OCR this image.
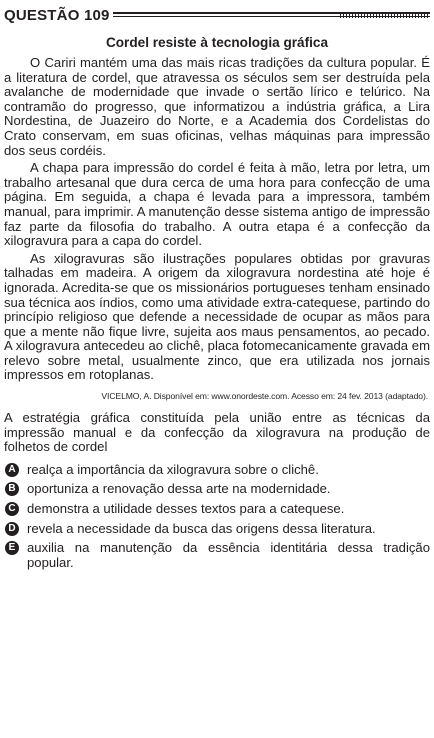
QUESTÃO 109
Cordel resiste à tecnologia gráfica

O Cariri mantém uma das mais ricas tradições da cultura popular. É a literatura de cordel, que atravessa os séculos sem ser destruída pela avalanche de modernidade que invade o sertão lírico e telúrico. Na contramão do progresso, que informatizou a indústria gráfica, a Lira Nordestina, de Juazeiro do Norte, e a Academia dos Cordelistas do Crato conservam, em suas oficinas, velhas máquinas para impressão dos seus cordéis.

A chapa para impressão do cordel é feita à mão, letra por letra, um trabalho artesanal que dura cerca de uma hora para confecção de uma página. Em seguida, a chapa é levada para a impressora, também manual, para imprimir. A manutenção desse sistema antigo de impressão faz parte da filosofia do trabalho. A outra etapa é a confecção da xilogravura para a capa do cordel.

As xilogravuras são ilustrações populares obtidas por gravuras talhadas em madeira. A origem da xilogravura nordestina até hoje é ignorada. Acredita-se que os missionários portugueses tenham ensinado sua técnica aos índios, como uma atividade extra-catequese, partindo do princípio religioso que defende a necessidade de ocupar as mãos para que a mente não fique livre, sujeita aos maus pensamentos, ao pecado. A xilogravura antecedeu ao clichê, placa fotomecanicamente gravada em relevo sobre metal, usualmente zinco, que era utilizada nos jornais impressos em rotoplanas.

VICELMO, A. Disponível em: www.onordeste.com. Acesso em: 24 fev. 2013 (adaptado).
A estratégia gráfica constituída pela união entre as técnicas da impressão manual e da confecção da xilogravura na produção de folhetos de cordel
A realça a importância da xilogravura sobre o clichê.
B oportuniza a renovação dessa arte na modernidade.
C demonstra a utilidade desses textos para a catequese.
D revela a necessidade da busca das origens dessa literatura.
E auxilia na manutenção da essência identitária dessa tradição popular.
